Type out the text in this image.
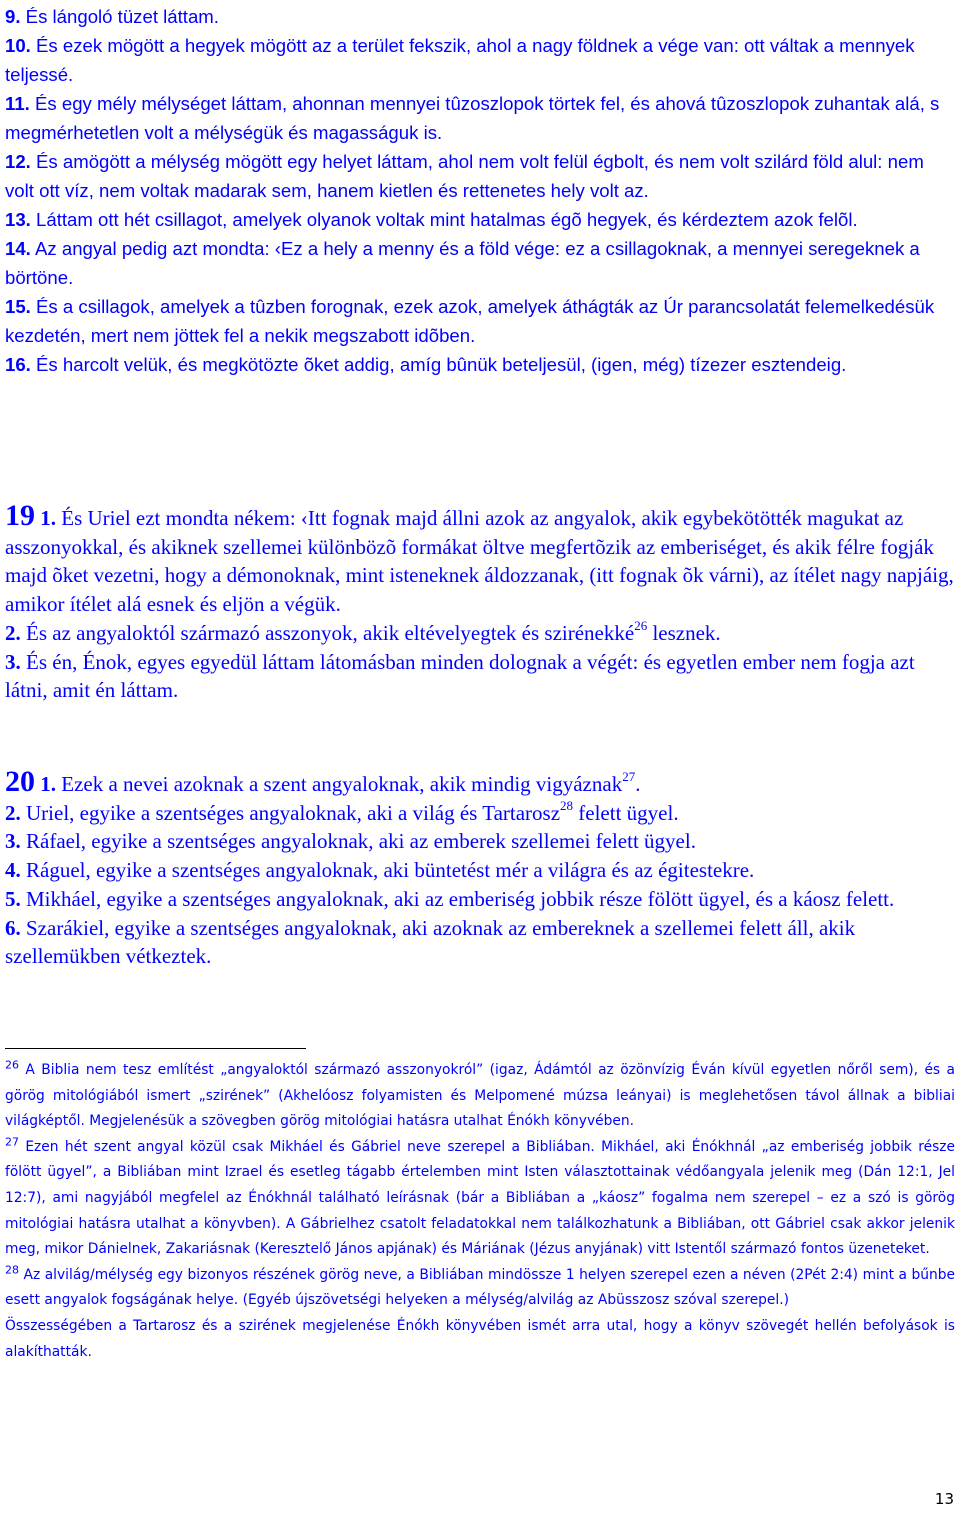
9. És lángoló tüzet láttam.

10. És ezek mögött a hegyek mögött az a terület fekszik, ahol a nagy földnek a vége van: ott váltak a mennyek teljessé.

11. És egy mély mélységet láttam, ahonnan mennyei tûzoszlopok törtek fel, és ahová tûzoszlopok zuhantak alá, s megmérhetetlen volt a mélységük és magasságuk is.

12. És amögött a mélység mögött egy helyet láttam, ahol nem volt felül égbolt, és nem volt szilárd föld alul: nem volt ott víz, nem voltak madarak sem, hanem kietlen és rettenetes hely volt az.

13. Láttam ott hét csillagot, amelyek olyanok voltak mint hatalmas égõ hegyek, és kérdeztem azok felõl.

14. Az angyal pedig azt mondta: ‹Ez a hely a menny és a föld vége: ez a csillagoknak, a mennyei seregeknek a börtöne.

15. És a csillagok, amelyek a tûzben forognak, ezek azok, amelyek áthágták az Úr parancsolatát felemelkedésük kezdetén, mert nem jöttek fel a nekik megszabott idõben.

16. És harcolt velük, és megkötözte õket addig, amíg bûnük beteljesül, (igen, még) tízezer esztendeig.

19 1. És Uriel ezt mondta nékem: ‹Itt fognak majd állni azok az angyalok, akik egybekötötték magukat az asszonyokkal, és akiknek szellemei különbözõ formákat öltve megfertõzik az emberiséget, és akik félre fogják majd õket vezetni, hogy a démonoknak, mint isteneknek áldozzanak, (itt fognak õk várni), az ítélet nagy napjáig, amikor ítélet alá esnek és eljön a végük.

2. És az angyaloktól származó asszonyok, akik eltévelyegtek és szirénekké$^{26}$ lesznek.

3. És én, Énok, egyes egyedül láttam látomásban minden dolognak a végét: és egyetlen ember nem fogja azt látni, amit én láttam.

20 1. Ezek a nevei azoknak a szent angyaloknak, akik mindig vigyáznak$^{27}$.

2. Uriel, egyike a szentséges angyaloknak, aki a világ és Tartarosz$^{28}$ felett ügyel.

3. Ráfael, egyike a szentséges angyaloknak, aki az emberek szellemei felett ügyel.

4. Ráguel, egyike a szentséges angyaloknak, aki büntetést mér a világra és az égitestekre.

5. Mikháel, egyike a szentséges angyaloknak, aki az emberiség jobbik része fölött ügyel, és a káosz felett.

6. Szarákiel, egyike a szentséges angyaloknak, aki azoknak az embereknek a szellemei felett áll, akik szellemükben vétkeztek.

$^{26}$ A Biblia nem tesz említést „angyaloktól származó asszonyokról” (igaz, Ádámtól az özönvízig Éván kívül egyetlen nőről sem), és a görög mitológiából ismert „szirének” (Akhelóosz folyamisten és Melpomené múzsa leányai) is meglehetősen távol állnak a bibliai világképtől. Megjelenésük a szövegben görög mitológiai hatásra utalhat Énókh könyvében.

$^{27}$ Ezen hét szent angyal közül csak Mikháel és Gábriel neve szerepel a Bibliában. Mikháel, aki Énókhnál „az emberiség jobbik része fölött ügyel”, a Bibliában mint Izrael és esetleg tágabb értelemben mint Isten választottainak védőangyala jelenik meg (Dán 12:1, Jel 12:7), ami nagyjából megfelel az Énókhnál található leírásnak (bár a Bibliában a „káosz” fogalma nem szerepel – ez a szó is görög mitológiai hatásra utalhat a könyvben). A Gábrielhez csatolt feladatokkal nem találkozhatunk a Bibliában, ott Gábriel csak akkor jelenik meg, mikor Dánielnek, Zakariásnak (Keresztelő János apjának) és Máriának (Jézus anyjának) vitt Istentől származó fontos üzeneteket.

$^{28}$ Az alvilág/mélység egy bizonyos részének görög neve, a Bibliában mindössze 1 helyen szerepel ezen a néven (2Pét 2:4) mint a bűnbe esett angyalok fogságának helye. (Egyéb újszövetségi helyeken a mélység/alvilág az Abüsszosz szóval szerepel.)

Összességében a Tartarosz és a szirének megjelenése Énókh könyvében ismét arra utal, hogy a könyv szövegét hellén befolyások is alakíthatták.

13
